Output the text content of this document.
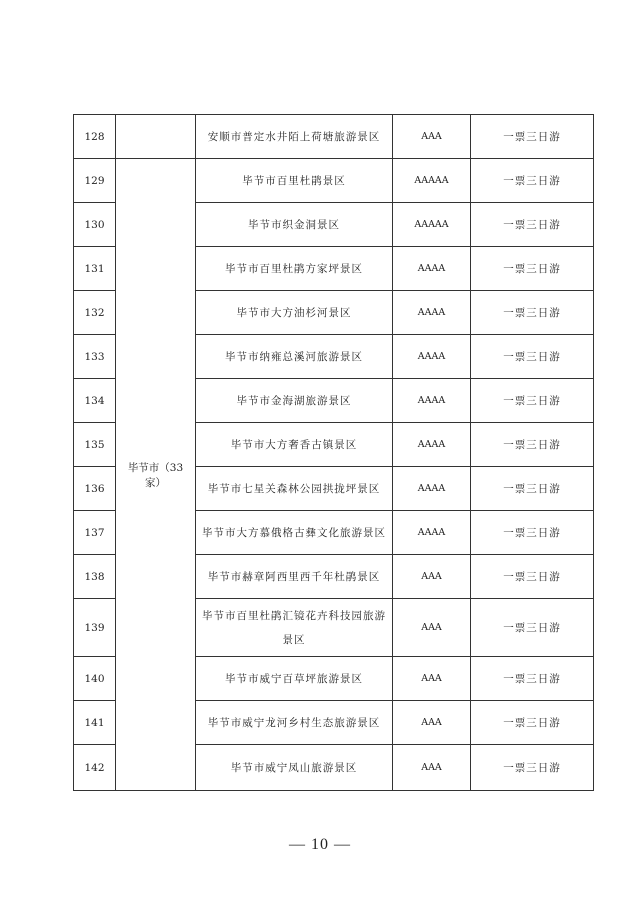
128		安顺市普定水井陌上荷塘旅游景区	AAA	一票三日游
129	毕节市（33 家）	毕节市百里杜鹃景区	AAAAA	一票三日游
130		毕节市织金洞景区	AAAAA	一票三日游
131		毕节市百里杜鹃方家坪景区	AAAA	一票三日游
132		毕节市大方油杉河景区	AAAA	一票三日游
133		毕节市纳雍总溪河旅游景区	AAAA	一票三日游
134		毕节市金海湖旅游景区	AAAA	一票三日游
135		毕节市大方奢香古镇景区	AAAA	一票三日游
136		毕节市七星关森林公园拱拢坪景区	AAAA	一票三日游
137		毕节市大方慕俄格古彝文化旅游景区	AAAA	一票三日游
138		毕节市赫章阿西里西千年杜鹃景区	AAA	一票三日游
139		毕节市百里杜鹃汇镜花卉科技园旅游景区	AAA	一票三日游
140		毕节市威宁百草坪旅游景区	AAA	一票三日游
141		毕节市威宁龙河乡村生态旅游景区	AAA	一票三日游
142		毕节市威宁凤山旅游景区	AAA	一票三日游
— 10 —
